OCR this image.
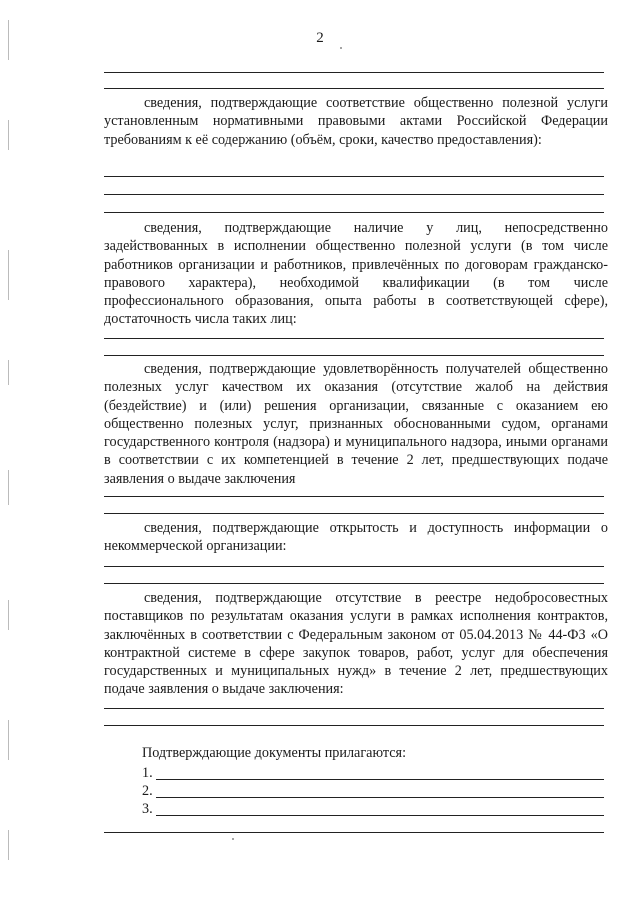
2

сведения, подтверждающие соответствие общественно полезной услуги установленным нормативными правовыми актами Российской Федерации требованиям к её содержанию (объём, сроки, качество предоставления):

сведения, подтверждающие наличие у лиц, непосредственно задействованных в исполнении общественно полезной услуги (в том числе работников организации и работников, привлечённых по договорам гражданско-правового характера), необходимой квалификации (в том числе профессионального образования, опыта работы в соответствующей сфере), достаточность числа таких лиц:

сведения, подтверждающие удовлетворённость получателей общественно полезных услуг качеством их оказания (отсутствие жалоб на действия (бездействие) и (или) решения организации, связанные с оказанием ею общественно полезных услуг, признанных обоснованными судом, органами государственного контроля (надзора) и муниципального надзора, иными органами в соответствии с их компетенцией в течение 2 лет, предшествующих подаче заявления о выдаче заключения

сведения, подтверждающие открытость и доступность информации о некоммерческой организации:

сведения, подтверждающие отсутствие в реестре недобросовестных поставщиков по результатам оказания услуги в рамках исполнения контрактов, заключённых в соответствии с Федеральным законом от 05.04.2013 № 44-ФЗ «О контрактной системе в сфере закупок товаров, работ, услуг для обеспечения государственных и муниципальных нужд» в течение 2 лет, предшествующих подаче заявления о выдаче заключения:

Подтверждающие документы прилагаются:
1.
2.
3.
